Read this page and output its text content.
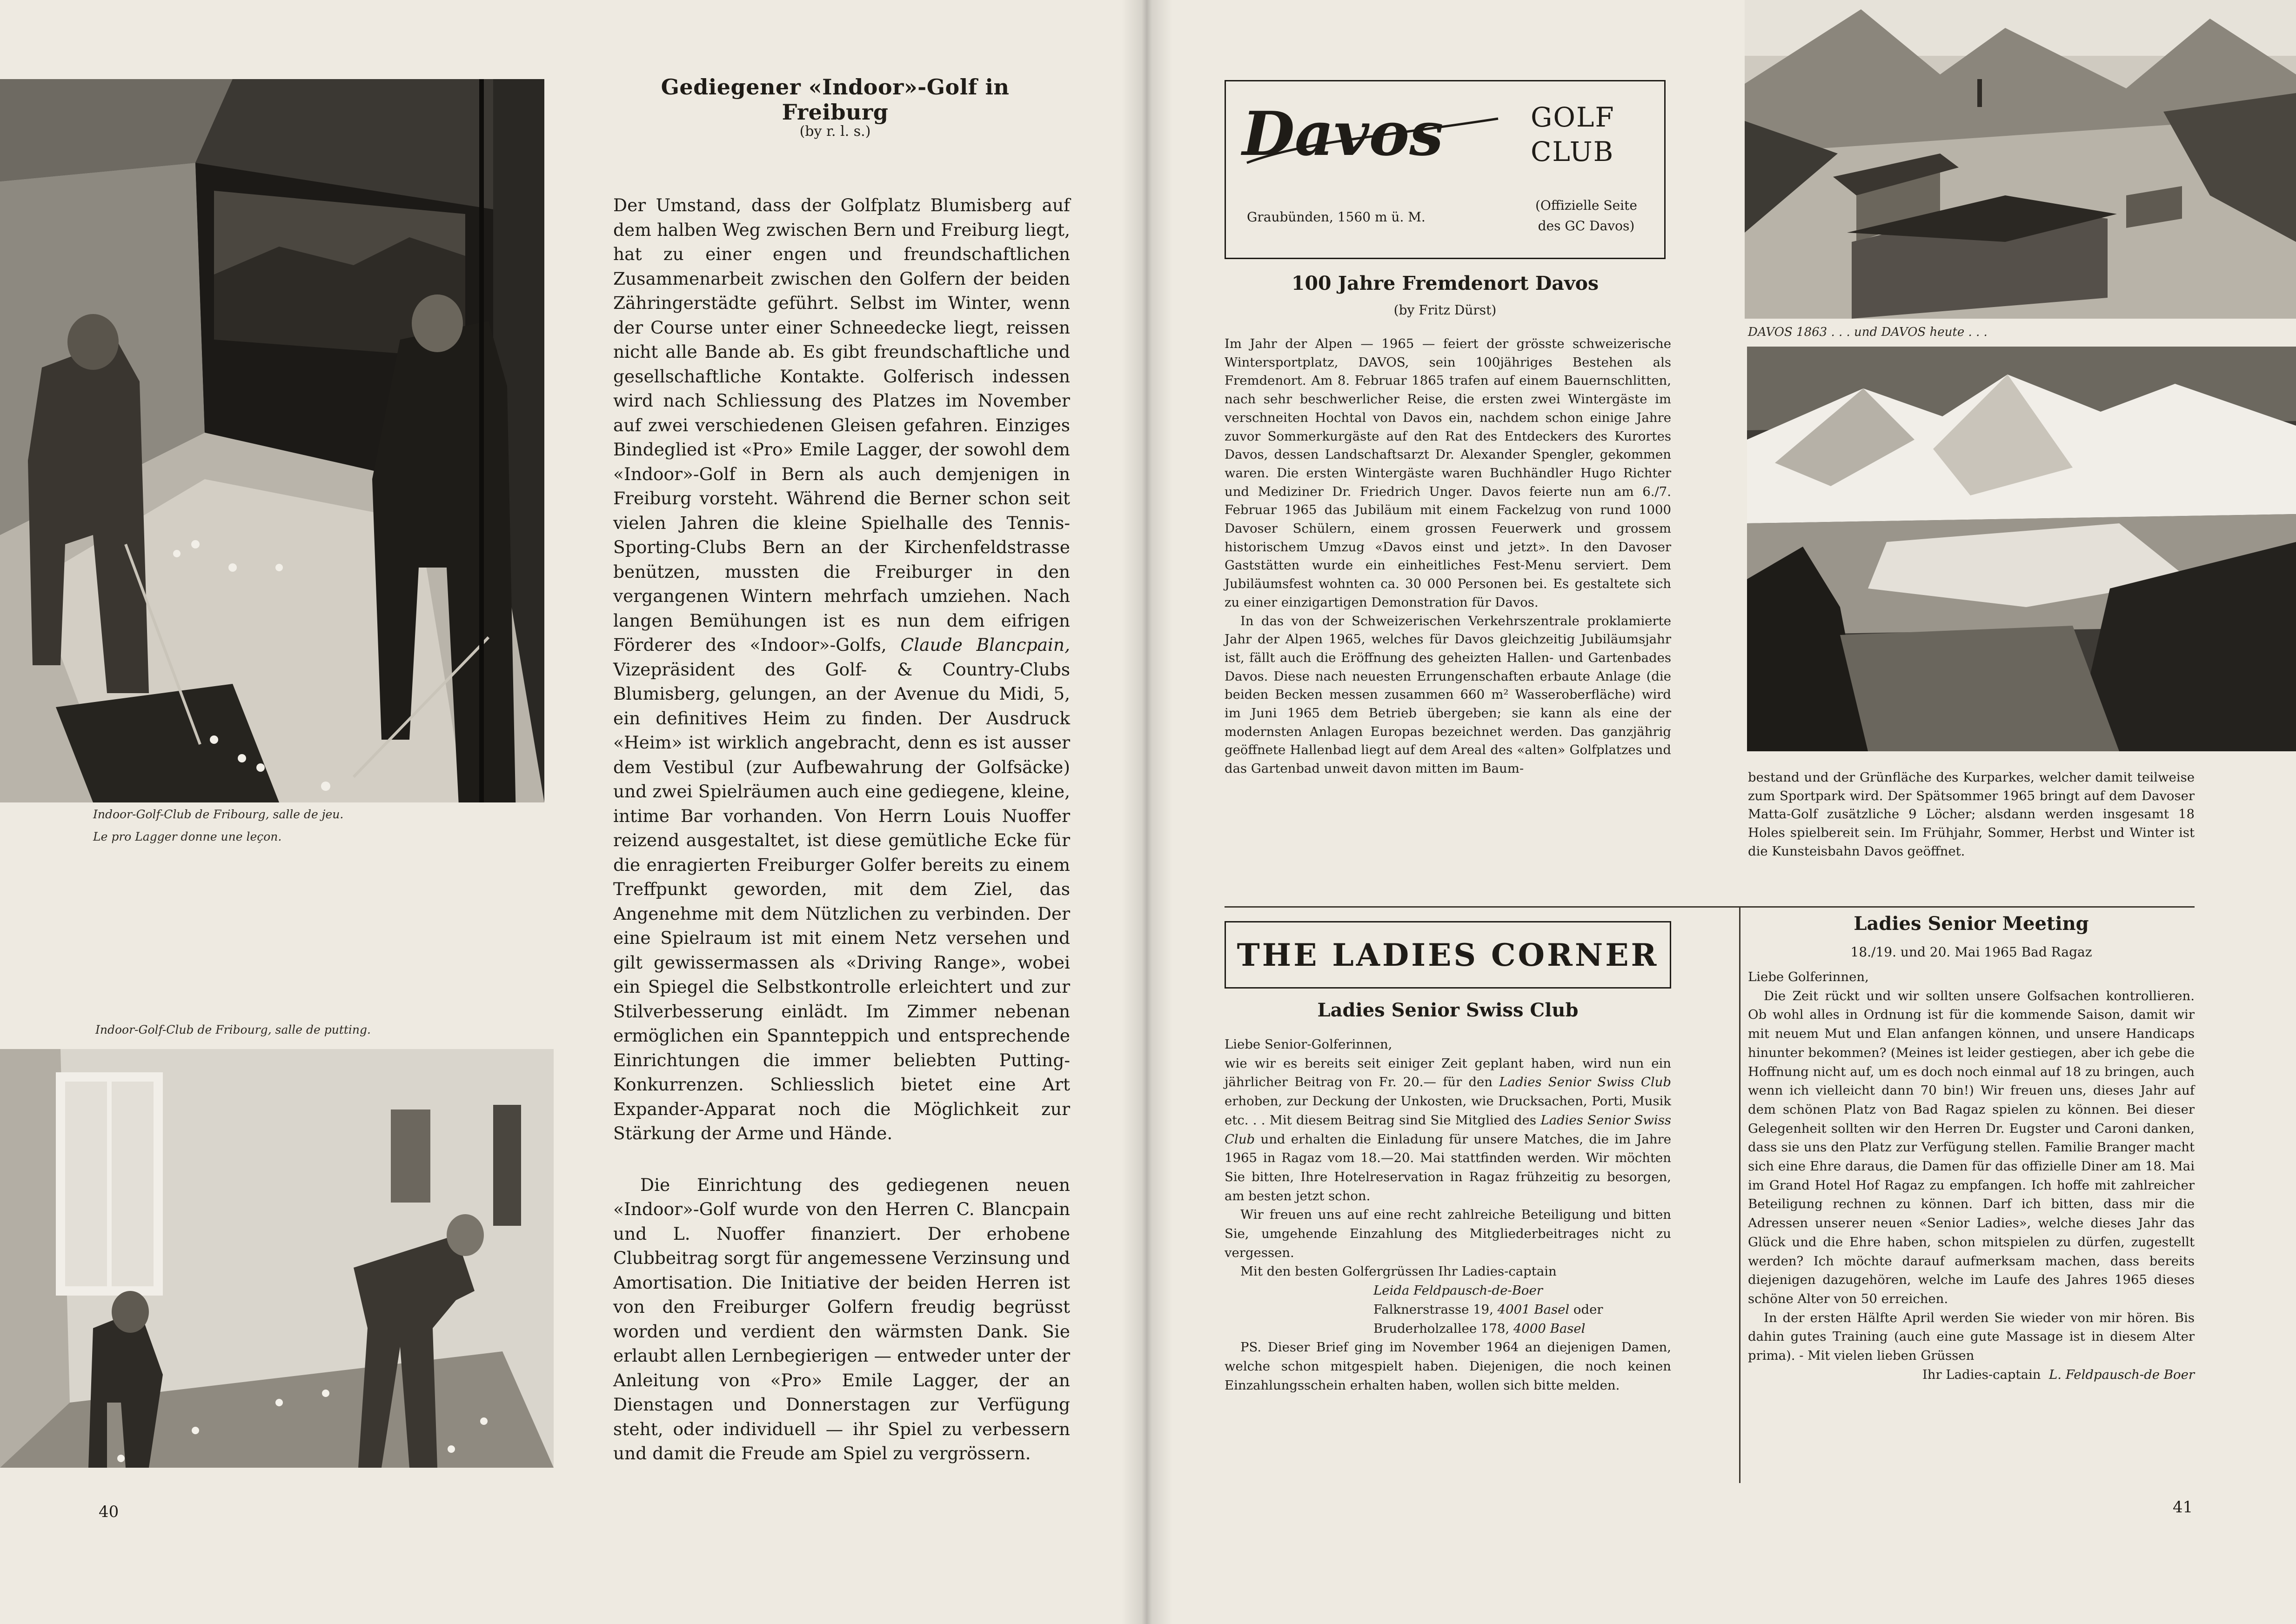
Indoor-Golf-Club de Fribourg, salle de jeu.
Le pro Lagger donne une leçon.
Indoor-Golf-Club de Fribourg, salle de putting.
Gediegener «Indoor»-Golf in Freiburg
(by r. l. s.)

Der Umstand, dass der Golfplatz Blumisberg auf dem halben Weg zwischen Bern und Freiburg liegt, hat zu einer engen und freundschaftlichen Zusammenarbeit zwischen den Golfern der beiden Zähringerstädte geführt. Selbst im Winter, wenn der Course unter einer Schneedecke liegt, reissen nicht alle Bande ab. Es gibt freundschaftliche und gesellschaftliche Kontakte. Golferisch indessen wird nach Schliessung des Platzes im November auf zwei verschiedenen Gleisen gefahren. Einziges Bindeglied ist «Pro» Emile Lagger, der sowohl dem «Indoor»-Golf in Bern als auch demjenigen in Freiburg vorsteht. Während die Berner schon seit vielen Jahren die kleine Spielhalle des Tennis-Sporting-Clubs Bern an der Kirchenfeldstrasse benützen, mussten die Freiburger in den vergangenen Wintern mehrfach umziehen. Nach langen Bemühungen ist es nun dem eifrigen Förderer des «Indoor»-Golfs, Claude Blancpain, Vizepräsident des Golf- & Country-Clubs Blumisberg, gelungen, an der Avenue du Midi, 5, ein definitives Heim zu finden. Der Ausdruck «Heim» ist wirklich angebracht, denn es ist ausser dem Vestibul (zur Aufbewahrung der Golfsäcke) und zwei Spielräumen auch eine gediegene, kleine, intime Bar vorhanden. Von Herrn Louis Nuoffer reizend ausgestaltet, ist diese gemütliche Ecke für die enragierten Freiburger Golfer bereits zu einem Treffpunkt geworden, mit dem Ziel, das Angenehme mit dem Nützlichen zu verbinden. Der eine Spielraum ist mit einem Netz versehen und gilt gewissermassen als «Driving Range», wobei ein Spiegel die Selbstkontrolle erleichtert und zur Stilverbesserung einlädt. Im Zimmer nebenan ermöglichen ein Spannteppich und entsprechende Einrichtungen die immer beliebten Putting-Konkurrenzen. Schliesslich bietet eine Art Expander-Apparat noch die Möglichkeit zur Stärkung der Arme und Hände.

Die Einrichtung des gediegenen neuen «Indoor»-Golf wurde von den Herren C. Blancpain und L. Nuoffer finanziert. Der erhobene Clubbeitrag sorgt für angemessene Verzinsung und Amortisation. Die Initiative der beiden Herren ist von den Freiburger Golfern freudig begrüsst worden und verdient den wärmsten Dank. Sie erlaubt allen Lernbegierigen — entweder unter der Anleitung von «Pro» Emile Lagger, der an Dienstagen und Donnerstagen zur Verfügung steht, oder individuell — ihr Spiel zu verbessern und damit die Freude am Spiel zu vergrössern.

40
Davos	GOLF
CLUB
Graubünden, 1560 m ü. M.
(Offizielle Seite
des GC Davos)
DAVOS 1863 . . . und DAVOS heute . . .
100 Jahre Fremdenort Davos
(by Fritz Dürst)

Im Jahr der Alpen — 1965 — feiert der grösste schweizerische Wintersportplatz, DAVOS, sein 100jähriges Bestehen als Fremdenort. Am 8. Februar 1865 trafen auf einem Bauernschlitten, nach sehr beschwerlicher Reise, die ersten zwei Wintergäste im verschneiten Hochtal von Davos ein, nachdem schon einige Jahre zuvor Sommerkurgäste auf den Rat des Entdeckers des Kurortes Davos, dessen Landschaftsarzt Dr. Alexander Spengler, gekommen waren. Die ersten Wintergäste waren Buchhändler Hugo Richter und Mediziner Dr. Friedrich Unger. Davos feierte nun am 6./7. Februar 1965 das Jubiläum mit einem Fackelzug von rund 1000 Davoser Schülern, einem grossen Feuerwerk und grossem historischem Umzug «Davos einst und jetzt». In den Davoser Gaststätten wurde ein einheitliches Fest-Menu serviert. Dem Jubiläumsfest wohnten ca. 30 000 Personen bei. Es gestaltete sich zu einer einzigartigen Demonstration für Davos.

In das von der Schweizerischen Verkehrszentrale proklamierte Jahr der Alpen 1965, welches für Davos gleichzeitig Jubiläumsjahr ist, fällt auch die Eröffnung des geheizten Hallen- und Gartenbades Davos. Diese nach neuesten Errungenschaften erbaute Anlage (die beiden Becken messen zusammen 660 m² Wasseroberfläche) wird im Juni 1965 dem Betrieb übergeben; sie kann als eine der modernsten Anlagen Europas bezeichnet werden. Das ganzjährig geöffnete Hallenbad liegt auf dem Areal des «alten» Golfplatzes und das Gartenbad unweit davon mitten im Baum-

bestand und der Grünfläche des Kurparkes, welcher damit teilweise zum Sportpark wird. Der Spätsommer 1965 bringt auf dem Davoser Matta-Golf zusätzliche 9 Löcher; alsdann werden insgesamt 18 Holes spielbereit sein. Im Frühjahr, Sommer, Herbst und Winter ist die Kunsteisbahn Davos geöffnet.

THE LADIES CORNER
Ladies Senior Swiss Club

Liebe Senior-Golferinnen,

wie wir es bereits seit einiger Zeit geplant haben, wird nun ein jährlicher Beitrag von Fr. 20.— für den Ladies Senior Swiss Club erhoben, zur Deckung der Unkosten, wie Drucksachen, Porti, Musik etc. . . Mit diesem Beitrag sind Sie Mitglied des Ladies Senior Swiss Club und erhalten die Einladung für unsere Matches, die im Jahre 1965 in Ragaz vom 18.—20. Mai stattfinden werden. Wir möchten Sie bitten, Ihre Hotelreservation in Ragaz frühzeitig zu besorgen, am besten jetzt schon.

Wir freuen uns auf eine recht zahlreiche Beteiligung und bitten Sie, umgehende Einzahlung des Mitgliederbeitrages nicht zu vergessen.

Mit den besten Golfergrüssen Ihr Ladies-captain

Leida Feldpausch-de-Boer

Falknerstrasse 19, 4001 Basel oder

Bruderholzallee 178, 4000 Basel

PS. Dieser Brief ging im November 1964 an diejenigen Damen, welche schon mitgespielt haben. Diejenigen, die noch keinen Einzahlungsschein erhalten haben, wollen sich bitte melden.

Ladies Senior Meeting
18./19. und 20. Mai 1965 Bad Ragaz

Liebe Golferinnen,

Die Zeit rückt und wir sollten unsere Golfsachen kontrollieren. Ob wohl alles in Ordnung ist für die kommende Saison, damit wir mit neuem Mut und Elan anfangen können, und unsere Handicaps hinunter bekommen? (Meines ist leider gestiegen, aber ich gebe die Hoffnung nicht auf, um es doch noch einmal auf 18 zu bringen, auch wenn ich vielleicht dann 70 bin!) Wir freuen uns, dieses Jahr auf dem schönen Platz von Bad Ragaz spielen zu können. Bei dieser Gelegenheit sollten wir den Herren Dr. Eugster und Caroni danken, dass sie uns den Platz zur Verfügung stellen. Familie Branger macht sich eine Ehre daraus, die Damen für das offizielle Diner am 18. Mai im Grand Hotel Hof Ragaz zu empfangen. Ich hoffe mit zahlreicher Beteiligung rechnen zu können. Darf ich bitten, dass mir die Adressen unserer neuen «Senior Ladies», welche dieses Jahr das Glück und die Ehre haben, schon mitspielen zu dürfen, zugestellt werden? Ich möchte darauf aufmerksam machen, dass bereits diejenigen dazugehören, welche im Laufe des Jahres 1965 dieses schöne Alter von 50 erreichen.

In der ersten Hälfte April werden Sie wieder von mir hören. Bis dahin gutes Training (auch eine gute Massage ist in diesem Alter prima). - Mit vielen lieben Grüssen

Ihr Ladies-captain L. Feldpausch-de Boer

41
